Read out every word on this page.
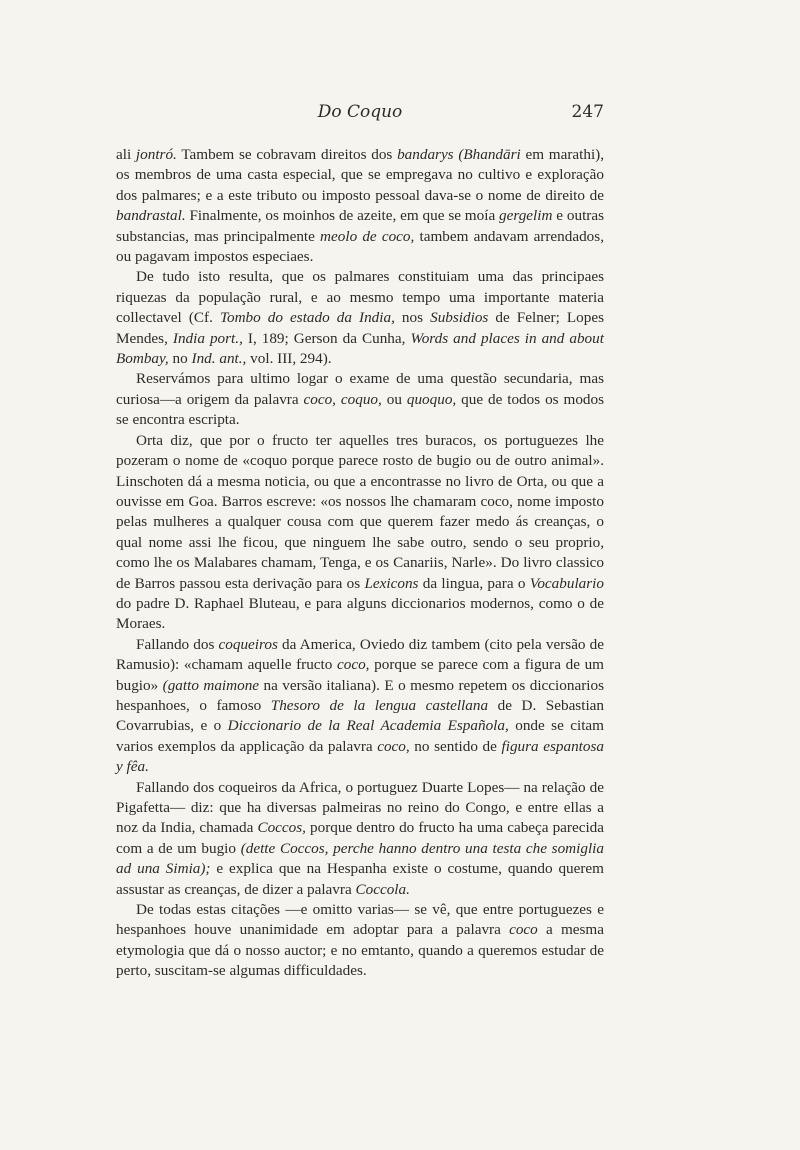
Do Coquo	247

ali jontró. Tambem se cobravam direitos dos bandarys (Bhandāri em marathi), os membros de uma casta especial, que se empregava no cultivo e exploração dos palmares; e a este tributo ou imposto pessoal dava-se o nome de direito de bandrastal. Finalmente, os moinhos de azeite, em que se moía gergelim e outras substancias, mas principalmente meolo de coco, tambem andavam arrendados, ou pagavam impostos especiaes.

De tudo isto resulta, que os palmares constituiam uma das principaes riquezas da população rural, e ao mesmo tempo uma importante materia collectavel (Cf. Tombo do estado da India, nos Subsidios de Felner; Lopes Mendes, India port., I, 189; Gerson da Cunha, Words and places in and about Bombay, no Ind. ant., vol. III, 294).

Reservámos para ultimo logar o exame de uma questão secundaria, mas curiosa—a origem da palavra coco, coquo, ou quoquo, que de todos os modos se encontra escripta.

Orta diz, que por o fructo ter aquelles tres buracos, os portuguezes lhe pozeram o nome de «coquo porque parece rosto de bugio ou de outro animal». Linschoten dá a mesma noticia, ou que a encontrasse no livro de Orta, ou que a ouvisse em Goa. Barros escreve: «os nossos lhe chamaram coco, nome imposto pelas mulheres a qualquer cousa com que querem fazer medo ás creanças, o qual nome assi lhe ficou, que ninguem lhe sabe outro, sendo o seu proprio, como lhe os Malabares chamam, Tenga, e os Canariis, Narle». Do livro classico de Barros passou esta derivação para os Lexicons da lingua, para o Vocabulario do padre D. Raphael Bluteau, e para alguns diccionarios modernos, como o de Moraes.

Fallando dos coqueiros da America, Oviedo diz tambem (cito pela versão de Ramusio): «chamam aquelle fructo coco, porque se parece com a figura de um bugio» (gatto maimone na versão italiana). E o mesmo repetem os diccionarios hespanhoes, o famoso Thesoro de la lengua castellana de D. Sebastian Covarrubias, e o Diccionario de la Real Academia Española, onde se citam varios exemplos da applicação da palavra coco, no sentido de figura espantosa y fêa.

Fallando dos coqueiros da Africa, o portuguez Duarte Lopes— na relação de Pigafetta— diz: que ha diversas palmeiras no reino do Congo, e entre ellas a noz da India, chamada Coccos, porque dentro do fructo ha uma cabeça parecida com a de um bugio (dette Coccos, perche hanno dentro una testa che somiglia ad una Simia); e explica que na Hespanha existe o costume, quando querem assustar as creanças, de dizer a palavra Coccola.

De todas estas citações —e omitto varias— se vê, que entre portuguezes e hespanhoes houve unanimidade em adoptar para a palavra coco a mesma etymologia que dá o nosso auctor; e no emtanto, quando a queremos estudar de perto, suscitam-se algumas difficuldades.
